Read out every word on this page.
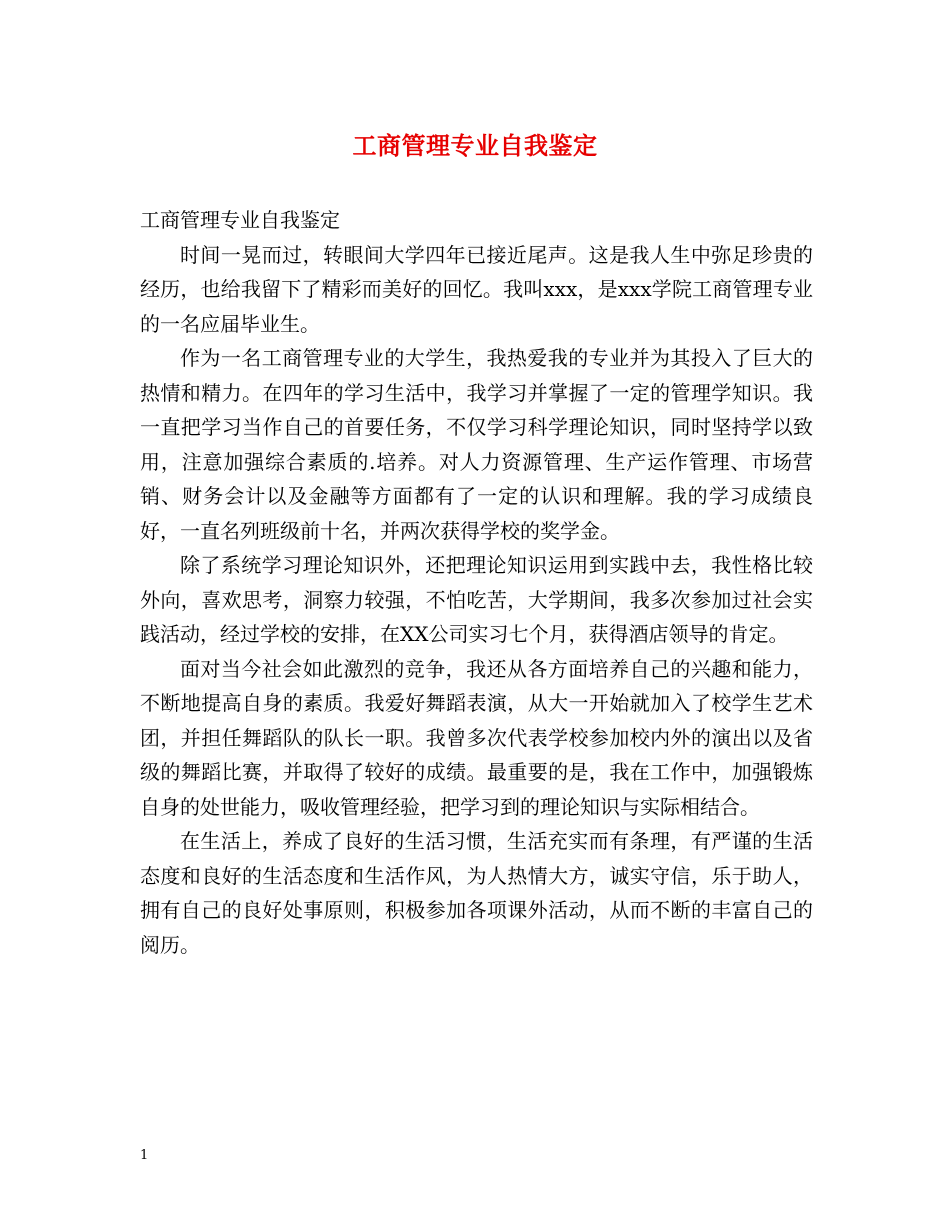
工商管理专业自我鉴定

工商管理专业自我鉴定

时间一晃而过，转眼间大学四年已接近尾声。这是我人生中弥足珍贵的经历，也给我留下了精彩而美好的回忆。我叫xxx，是xxx学院工商管理专业的一名应届毕业生。

作为一名工商管理专业的大学生，我热爱我的专业并为其投入了巨大的热情和精力。在四年的学习生活中，我学习并掌握了一定的管理学知识。我一直把学习当作自己的首要任务，不仅学习科学理论知识，同时坚持学以致用，注意加强综合素质的.培养。对人力资源管理、生产运作管理、市场营销、财务会计以及金融等方面都有了一定的认识和理解。我的学习成绩良好，一直名列班级前十名，并两次获得学校的奖学金。

除了系统学习理论知识外，还把理论知识运用到实践中去，我性格比较外向，喜欢思考，洞察力较强，不怕吃苦，大学期间，我多次参加过社会实践活动，经过学校的安排，在XX公司实习七个月，获得酒店领导的肯定。

面对当今社会如此激烈的竞争，我还从各方面培养自己的兴趣和能力，不断地提高自身的素质。我爱好舞蹈表演，从大一开始就加入了校学生艺术团，并担任舞蹈队的队长一职。我曾多次代表学校参加校内外的演出以及省级的舞蹈比赛，并取得了较好的成绩。最重要的是，我在工作中，加强锻炼自身的处世能力，吸收管理经验，把学习到的理论知识与实际相结合。

在生活上，养成了良好的生活习惯，生活充实而有条理，有严谨的生活态度和良好的生活态度和生活作风，为人热情大方，诚实守信，乐于助人，拥有自己的良好处事原则，积极参加各项课外活动，从而不断的丰富自己的阅历。

1
